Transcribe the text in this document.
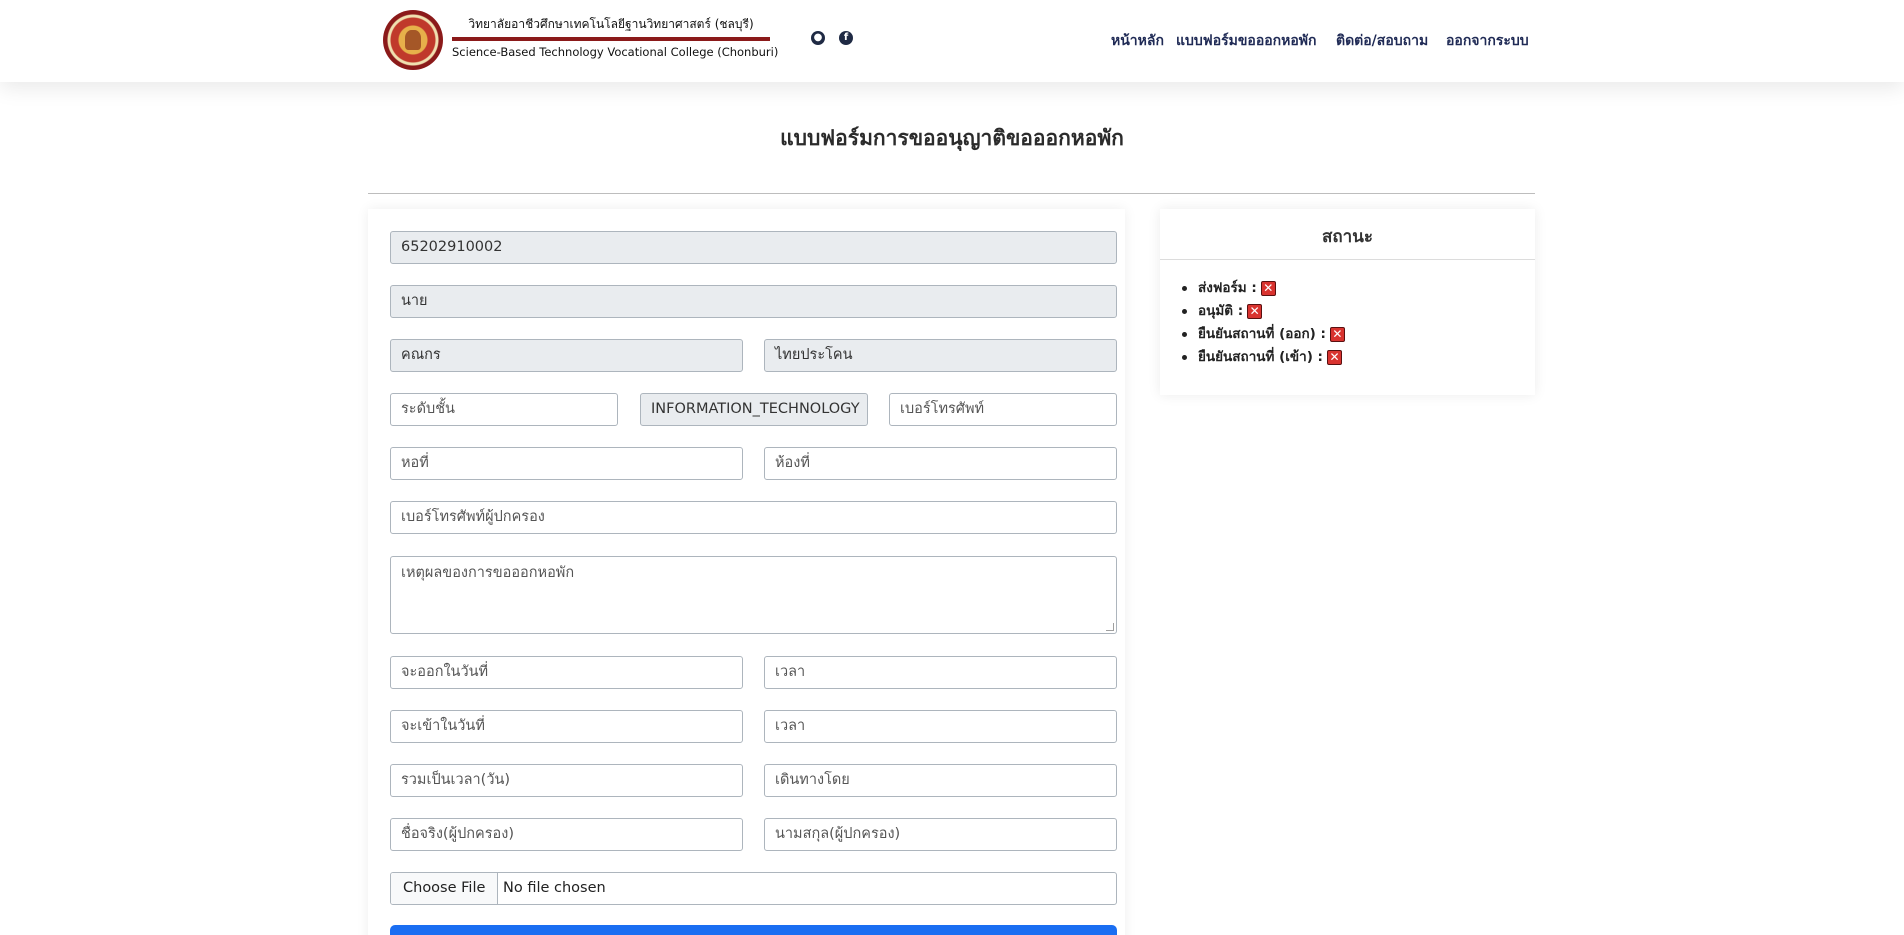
วิทยาลัยอาชีวศึกษาเทคโนโลยีฐานวิทยาศาสตร์ (ชลบุรี)
Science-Based Technology Vocational College (Chonburi)
●	f	หน้าหลัก แบบฟอร์มขอออกหอพัก ติดต่อ/สอบถาม ออกจากระบบ
แบบฟอร์มการขออนุญาติขอออกหอพัก
65202910002
นาย
คณกร	ไทยประโคน
ระดับชั้น	INFORMATION_TECHNOLOGY	เบอร์โทรศัพท์
หอที่	ห้องที่
เบอร์โทรศัพท์ผู้ปกครอง
เหตุผลของการขอออกหอพัก
จะออกในวันที่	เวลา
จะเข้าในวันที่	เวลา
รวมเป็นเวลา(วัน)	เดินทางโดย
ชื่อจริง(ผู้ปกครอง)	นามสกุล(ผู้ปกครอง)
Choose File	No file chosen
สถานะ
ส่งฟอร์ม : ✕
อนุมัติ : ✕
ยืนยันสถานที่ (ออก) : ✕
ยืนยันสถานที่ (เข้า) : ✕
